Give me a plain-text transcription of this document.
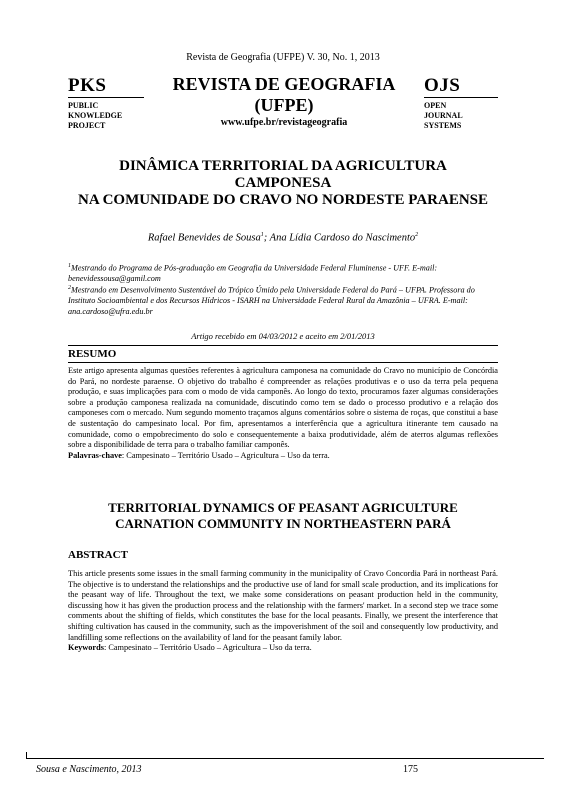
Revista de Geografia (UFPE) V. 30, No. 1, 2013
PKS
PUBLIC
KNOWLEDGE
PROJECT
REVISTA DE GEOGRAFIA
(UFPE)
www.ufpe.br/revistageografia
OJS
OPEN
JOURNAL
SYSTEMS
DINÂMICA TERRITORIAL DA AGRICULTURA
CAMPONESA
NA COMUNIDADE DO CRAVO NO NORDESTE PARAENSE
Rafael Benevides de Sousa$^1$; Ana Lídia Cardoso do Nascimento$^2$
$^1$Mestrando do Programa de Pós-graduação em Geografia da Universidade Federal Fluminense - UFF. E-mail: benevidessousa@gamil.com
$^2$Mestrando em Desenvolvimento Sustentável do Trópico Úmido pela Universidade Federal do Pará – UFPA. Professora do Instituto Socioambiental e dos Recursos Hídricos - ISARH na Universidade Federal Rural da Amazônia – UFRA. E-mail: ana.cardoso@ufra.edu.br
Artigo recebido em 04/03/2012 e aceito em 2/01/2013
RESUMO
Este artigo apresenta algumas questões referentes à agricultura camponesa na comunidade do Cravo no município de Concórdia do Pará, no nordeste paraense. O objetivo do trabalho é compreender as relações produtivas e o uso da terra pela pequena produção, e suas implicações para com o modo de vida camponês. Ao longo do texto, procuramos fazer algumas considerações sobre a produção camponesa realizada na comunidade, discutindo como tem se dado o processo produtivo e a relação dos camponeses com o mercado. Num segundo momento traçamos alguns comentários sobre o sistema de roças, que constitui a base de sustentação do campesinato local. Por fim, apresentamos a interferência que a agricultura itinerante tem causado na comunidade, como o empobrecimento do solo e consequentemente a baixa produtividade, além de aterros algumas reflexões sobre a disponibilidade de terra para o trabalho familiar camponês.
Palavras-chave: Campesinato – Território Usado – Agricultura – Uso da terra.
TERRITORIAL DYNAMICS OF PEASANT AGRICULTURE
CARNATION COMMUNITY IN NORTHEASTERN PARÁ
ABSTRACT
This article presents some issues in the small farming community in the municipality of Cravo Concordia Pará in northeast Pará. The objective is to understand the relationships and the productive use of land for small scale production, and its implications for the peasant way of life. Throughout the text, we make some considerations on peasant production held in the community, discussing how it has given the production process and the relationship with the farmers' market. In a second step we trace some comments about the shifting of fields, which constitutes the base for the local peasants. Finally, we present the interference that shifting cultivation has caused in the community, such as the impoverishment of the soil and consequently low productivity, and landfilling some reflections on the availability of land for the peasant family labor.
Keywords: Campesinato – Território Usado – Agricultura – Uso da terra.
Sousa e Nascimento, 2013	175
